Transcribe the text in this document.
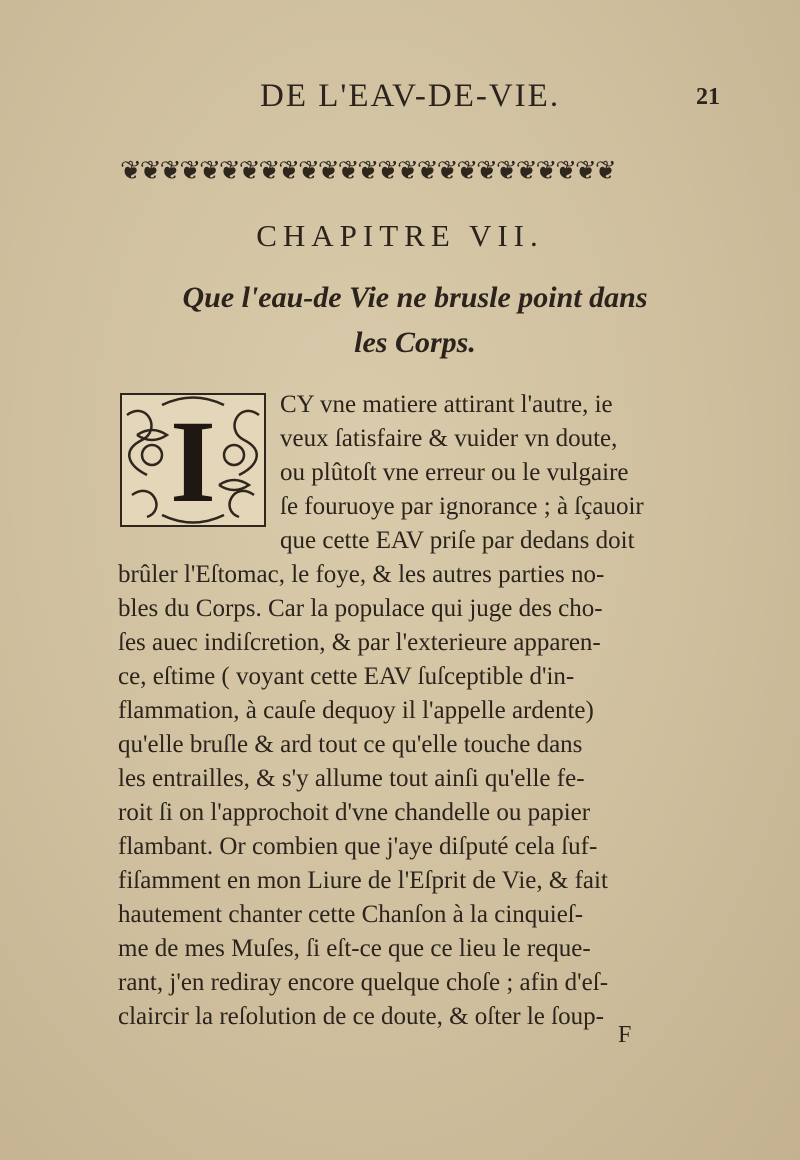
DE L'EAV-DE-VIE.	21
❦❦❦❦❦❦❦❦❦❦❦❦❦❦❦❦❦❦❦❦❦❦❦❦❦
CHAPITRE VII.
Que l'eau-de Vie ne brusle point dans
les Corps.
I	CY vne matiere attirant l'autre, ie
veux ſatisfaire & vuider vn doute,
ou plûtoſt vne erreur ou le vulgaire
ſe fouruoye par ignorance ; à ſçauoir
que cette EAV priſe par dedans doit
brûler l'Eſtomac, le foye, & les autres parties no-
bles du Corps. Car la populace qui juge des cho-
ſes auec indiſcretion, & par l'exterieure apparen-
ce, eſtime ( voyant cette EAV ſuſceptible d'in-
flammation, à cauſe dequoy il l'appelle ardente)
qu'elle bruſle & ard tout ce qu'elle touche dans
les entrailles, & s'y allume tout ainſi qu'elle fe-
roit ſi on l'approchoit d'vne chandelle ou papier
flambant. Or combien que j'aye diſputé cela ſuf-
fiſamment en mon Liure de l'Eſprit de Vie, & fait
hautement chanter cette Chanſon à la cinquieſ-
me de mes Muſes, ſi eſt-ce que ce lieu le reque-
rant, j'en rediray encore quelque choſe ; afin d'eſ-
claircir la reſolution de ce doute, & oſter le ſoup-
F
